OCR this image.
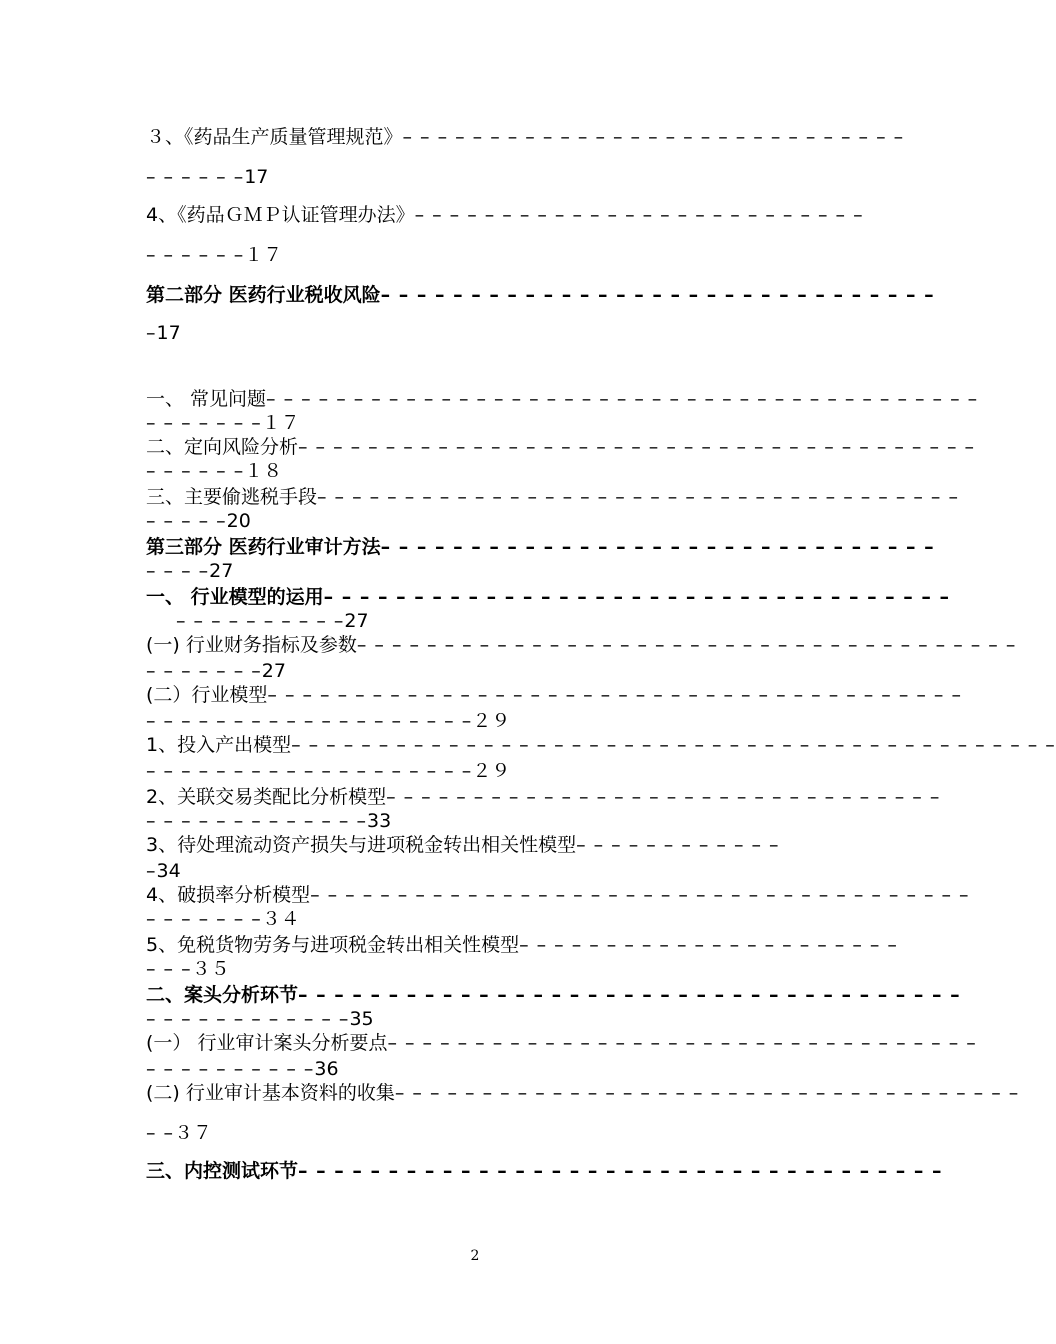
３、《药品生产质量管理规范》– – – – – – – – – – – – – – – – – – – – – – – – – – – – –
– – – – – –17
4、《药品ＧＭＰ认证管理办法》– – – – – – – – – – – – – – – – – – – – – – – – – –
– – – – – –１７
第二部分 医药行业税收风险– – – – – – – – – – – – – – – – – – – – – – – – – – – – – – –
–17
一、 常见问题– – – – – – – – – – – – – – – – – – – – – – – – – – – – – – – – – – – – – – – – –
– – – – – – –１７
二、定向风险分析– – – – – – – – – – – – – – – – – – – – – – – – – – – – – – – – – – – – – – –
– – – – – –１８
三、主要偷逃税手段– – – – – – – – – – – – – – – – – – – – – – – – – – – – – – – – – – – – –
– – – – –20
第三部分 医药行业审计方法– – – – – – – – – – – – – – – – – – – – – – – – – – – – – – –
– – – –27
一、 行业模型的运用– – – – – – – – – – – – – – – – – – – – – – – – – – – – – – – – – – –
– – – – – – – – – –27
(一) 行业财务指标及参数– – – – – – – – – – – – – – – – – – – – – – – – – – – – – – – – – – – – – –
– – – – – – –27
(二）行业模型– – – – – – – – – – – – – – – – – – – – – – – – – – – – – – – – – – – – – – – –
– – – – – – – – – – – – – – – – – – –２９
1、投入产出模型– – – – – – – – – – – – – – – – – – – – – – – – – – – – – – – – – – – – – – – – – – – –
– – – – – – – – – – – – – – – – – – –２９
2、关联交易类配比分析模型– – – – – – – – – – – – – – – – – – – – – – – – – – – – – – – –
– – – – – – – – – – – – –33
3、待处理流动资产损失与进项税金转出相关性模型– – – – – – – – – – – –
–34
4、破损率分析模型– – – – – – – – – – – – – – – – – – – – – – – – – – – – – – – – – – – – – –
– – – – – – –３４
5、免税货物劳务与进项税金转出相关性模型– – – – – – – – – – – – – – – – – – – – – –
– – –３５
二、案头分析环节– – – – – – – – – – – – – – – – – – – – – – – – – – – – – – – – – – – – –
– – – – – – – – – – – –35
(一） 行业审计案头分析要点– – – – – – – – – – – – – – – – – – – – – – – – – – – – – – – – – –
– – – – – – – – – –36
(二) 行业审计基本资料的收集– – – – – – – – – – – – – – – – – – – – – – – – – – – – – – – – – – – –
– –３７
三、内控测试环节– – – – – – – – – – – – – – – – – – – – – – – – – – – – – – – – – – – –
2
